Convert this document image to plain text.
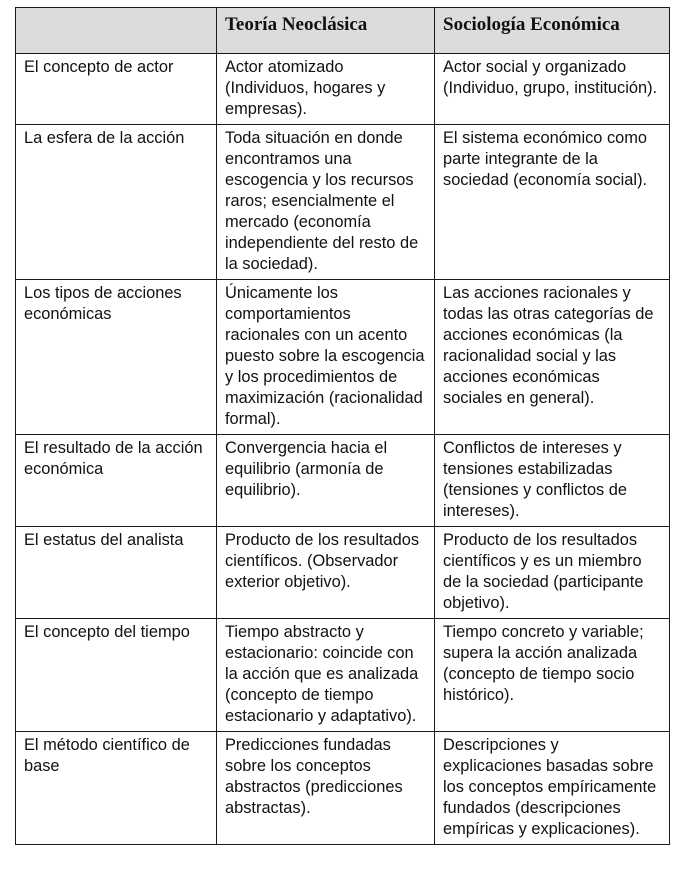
	Teoría Neoclásica	Sociología Económica
El concepto de actor	Actor atomizado (Individuos, hogares y empresas).	Actor social y organizado (Individuo, grupo, institución).
La esfera de la acción	Toda situación en donde encontramos una escogencia y los recursos raros; esencialmente el mercado (economía independiente del resto de la sociedad).	El sistema económico como parte integrante de la sociedad (economía social).
Los tipos de acciones económicas	Únicamente los comportamientos racionales con un acento puesto sobre la escogencia y los procedimientos de maximización (racionalidad formal).	Las acciones racionales y todas las otras categorías de acciones económicas (la racionalidad social y las acciones económicas sociales en general).
El resultado de la acción económica	Convergencia hacia el equilibrio (armonía de equilibrio).	Conflictos de intereses y tensiones estabilizadas (tensiones y conflictos de intereses).
El estatus del analista	Producto de los resultados científicos. (Observador exterior objetivo).	Producto de los resultados científicos y es un miembro de la sociedad (participante objetivo).
El concepto del tiempo	Tiempo abstracto y estacionario: coincide con la acción que es analizada (concepto de tiempo estacionario y adaptativo).	Tiempo concreto y variable; supera la acción analizada (concepto de tiempo socio histórico).
El método científico de base	Predicciones fundadas sobre los conceptos abstractos (predicciones abstractas).	Descripciones y explicaciones basadas sobre los conceptos empíricamente fundados (descripciones empíricas y explicaciones).
